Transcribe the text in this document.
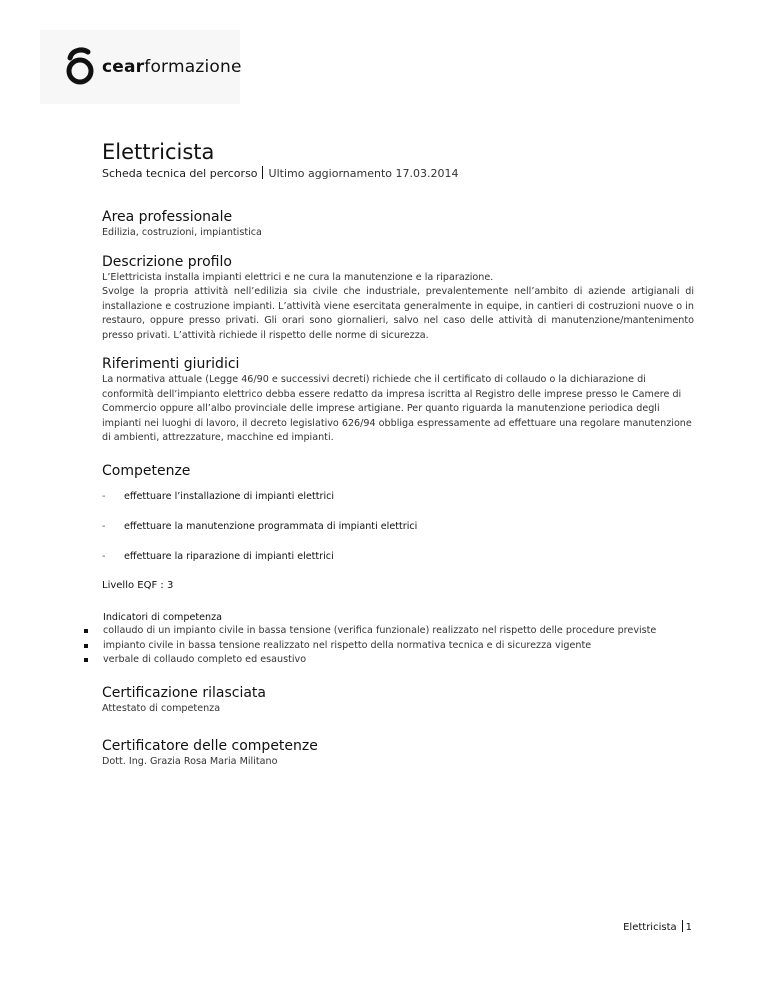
cearformazione
Elettricista
Scheda tecnica del percorso Ultimo aggiornamento 17.03.2014
Area professionale
Edilizia, costruzioni, impiantistica
Descrizione profilo
L’Elettricista installa impianti elettrici e ne cura la manutenzione e la riparazione.
Svolge la propria attività nell’edilizia sia civile che industriale, prevalentemente nell’ambito di aziende artigianali di installazione e costruzione impianti. L’attività viene esercitata generalmente in equipe, in cantieri di costruzioni nuove o in restauro, oppure presso privati. Gli orari sono giornalieri, salvo nel caso delle attività di manutenzione/mantenimento presso privati. L’attività richiede il rispetto delle norme di sicurezza.
Riferimenti giuridici
La normativa attuale (Legge 46/90 e successivi decreti) richiede che il certificato di collaudo o la dichiarazione di conformità dell’impianto elettrico debba essere redatto da impresa iscritta al Registro delle imprese presso le Camere di Commercio oppure all’albo provinciale delle imprese artigiane. Per quanto riguarda la manutenzione periodica degli impianti nei luoghi di lavoro, il decreto legislativo 626/94 obbliga espressamente ad effettuare una regolare manutenzione di ambienti, attrezzature, macchine ed impianti.
Competenze
- effettuare l’installazione di impianti elettrici
- effettuare la manutenzione programmata di impianti elettrici
- effettuare la riparazione di impianti elettrici
Livello EQF : 3
Indicatori di competenza
collaudo di un impianto civile in bassa tensione (verifica funzionale) realizzato nel rispetto delle procedure previste
impianto civile in bassa tensione realizzato nel rispetto della normativa tecnica e di sicurezza vigente
verbale di collaudo completo ed esaustivo
Certificazione rilasciata
Attestato di competenza
Certificatore delle competenze
Dott. Ing. Grazia Rosa Maria Militano
Elettricista 1
